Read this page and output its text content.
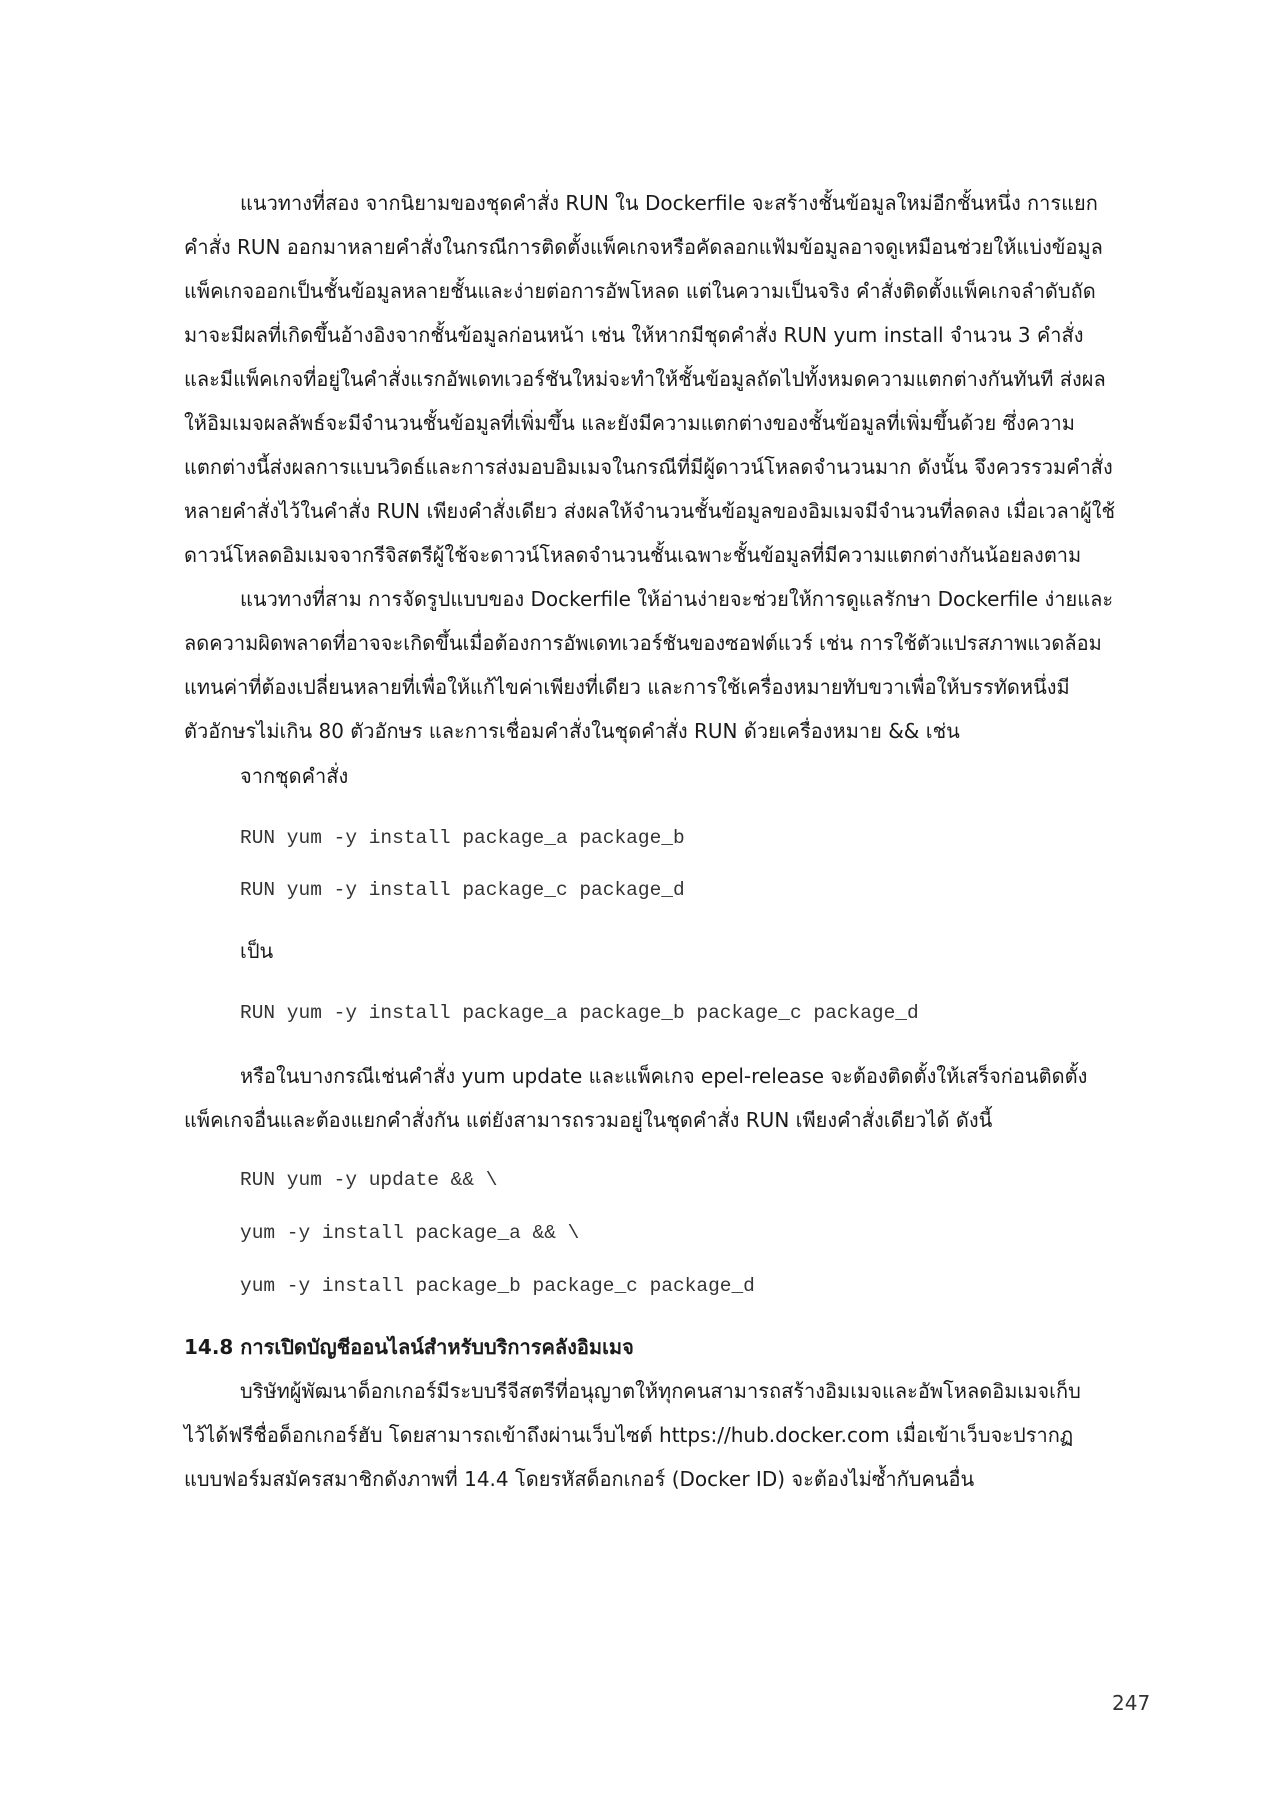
แนวทางที่สอง จากนิยามของชุดคำสั่ง RUN ใน Dockerfile จะสร้างชั้นข้อมูลใหม่อีกชั้นหนึ่ง การแยก
คำสั่ง RUN ออกมาหลายคำสั่งในกรณีการติดตั้งแพ็คเกจหรือคัดลอกแฟ้มข้อมูลอาจดูเหมือนช่วยให้แบ่งข้อมูล
แพ็คเกจออกเป็นชั้นข้อมูลหลายชั้นและง่ายต่อการอัพโหลด แต่ในความเป็นจริง คำสั่งติดตั้งแพ็คเกจลำดับถัด
มาจะมีผลที่เกิดขึ้นอ้างอิงจากชั้นข้อมูลก่อนหน้า เช่น ให้หากมีชุดคำสั่ง RUN yum install จำนวน 3 คำสั่ง
และมีแพ็คเกจที่อยู่ในคำสั่งแรกอัพเดทเวอร์ชันใหม่จะทำให้ชั้นข้อมูลถัดไปทั้งหมดความแตกต่างกันทันที ส่งผล
ให้อิมเมจผลลัพธ์จะมีจำนวนชั้นข้อมูลที่เพิ่มขึ้น และยังมีความแตกต่างของชั้นข้อมูลที่เพิ่มขึ้นด้วย ซึ่งความ
แตกต่างนี้ส่งผลการแบนวิดธ์และการส่งมอบอิมเมจในกรณีที่มีผู้ดาวน์โหลดจำนวนมาก ดังนั้น จึงควรรวมคำสั่ง
หลายคำสั่งไว้ในคำสั่ง RUN เพียงคำสั่งเดียว ส่งผลให้จำนวนชั้นข้อมูลของอิมเมจมีจำนวนที่ลดลง เมื่อเวลาผู้ใช้
ดาวน์โหลดอิมเมจจากรีจิสตรีผู้ใช้จะดาวน์โหลดจำนวนชั้นเฉพาะชั้นข้อมูลที่มีความแตกต่างกันน้อยลงตาม
แนวทางที่สาม การจัดรูปแบบของ Dockerfile ให้อ่านง่ายจะช่วยให้การดูแลรักษา Dockerfile ง่ายและ
ลดความผิดพลาดที่อาจจะเกิดขึ้นเมื่อต้องการอัพเดทเวอร์ชันของซอฟต์แวร์ เช่น การใช้ตัวแปรสภาพแวดล้อม
แทนค่าที่ต้องเปลี่ยนหลายที่เพื่อให้แก้ไขค่าเพียงที่เดียว และการใช้เครื่องหมายทับขวาเพื่อให้บรรทัดหนึ่งมี
ตัวอักษรไม่เกิน 80 ตัวอักษร และการเชื่อมคำสั่งในชุดคำสั่ง RUN ด้วยเครื่องหมาย && เช่น
จากชุดคำสั่ง
RUN yum -y install package_a package_b
RUN yum -y install package_c package_d
เป็น
RUN yum -y install package_a package_b package_c package_d
หรือในบางกรณีเช่นคำสั่ง yum update และแพ็คเกจ epel-release จะต้องติดตั้งให้เสร็จก่อนติดตั้ง
แพ็คเกจอื่นและต้องแยกคำสั่งกัน แต่ยังสามารถรวมอยู่ในชุดคำสั่ง RUN เพียงคำสั่งเดียวได้ ดังนี้
RUN yum -y update && \
yum -y install package_a && \
yum -y install package_b package_c package_d
14.8 การเปิดบัญชีออนไลน์สำหรับบริการคลังอิมเมจ
บริษัทผู้พัฒนาด็อกเกอร์มีระบบรีจีสตรีที่อนุญาตให้ทุกคนสามารถสร้างอิมเมจและอัพโหลดอิมเมจเก็บ
ไว้ได้ฟรีชื่อด็อกเกอร์ฮับ โดยสามารถเข้าถึงผ่านเว็บไซต์ https://hub.docker.com เมื่อเข้าเว็บจะปรากฏ
แบบฟอร์มสมัครสมาชิกดังภาพที่ 14.4 โดยรหัสด็อกเกอร์ (Docker ID) จะต้องไม่ซ้ำกับคนอื่น
247
